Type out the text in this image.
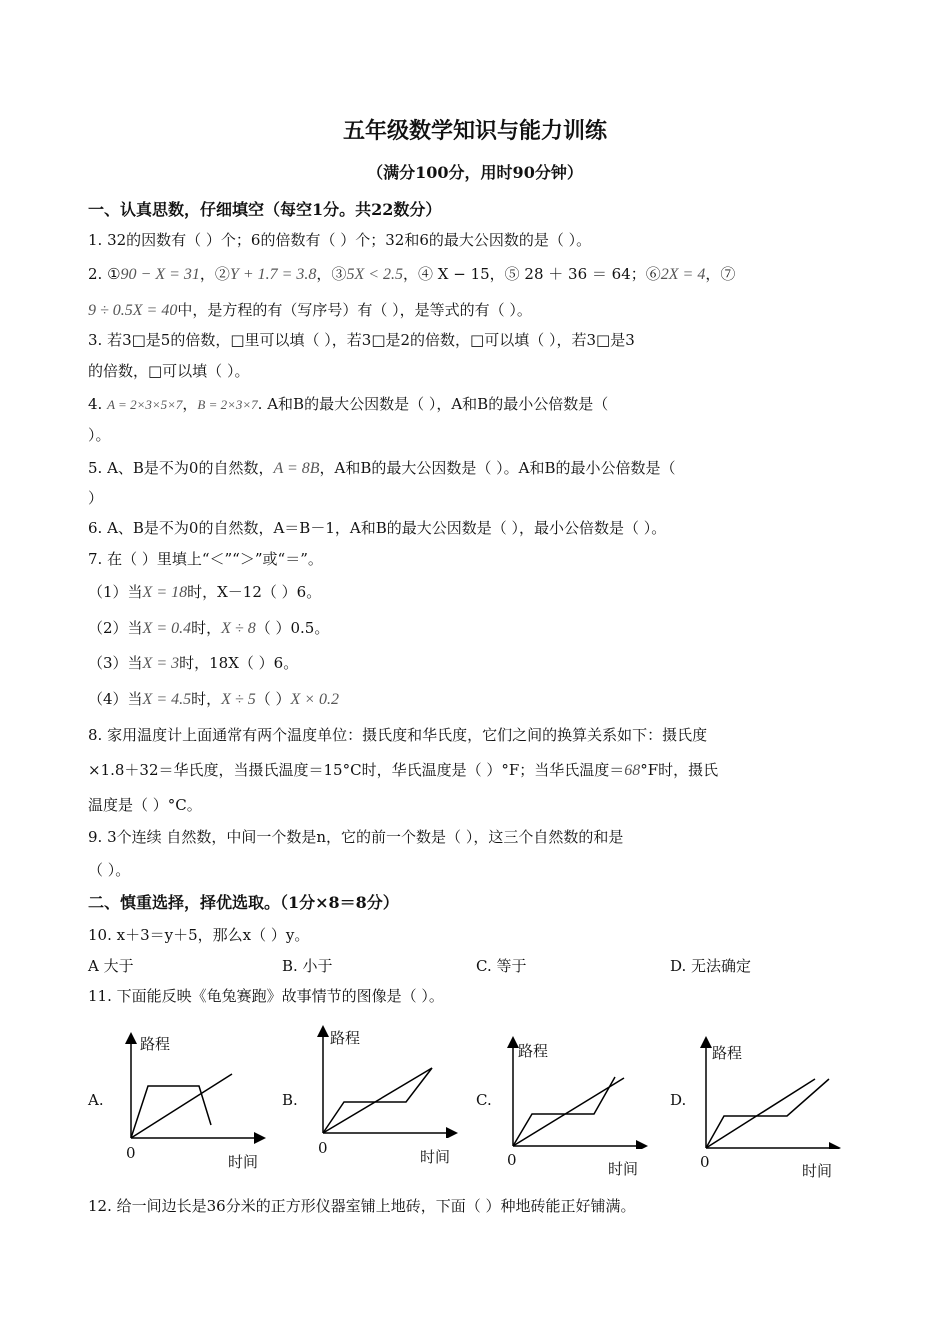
五年级数学知识与能力训练
（满分100分，用时90分钟）
一、认真思数，仔细填空（每空1分。共22数分）
1. 32的因数有（ ）个；6的倍数有（ ）个；32和6的最大公因数的是（ ）。
2. ①90 − X = 31，②Y + 1.7 = 3.8，③5X < 2.5，④ X − 15，⑤ 28 ＋ 36 ＝ 64；⑥2X = 4，⑦
9 ÷ 0.5X = 40中，是方程的有（写序号）有（ ），是等式的有（ ）。
3. 若3□是5的倍数，□里可以填（ ），若3□是2的倍数，□可以填（ ），若3□是3
的倍数，□可以填（ ）。
4. A = 2×3×5×7，B = 2×3×7. A和B的最大公因数是（ ），A和B的最小公倍数是（
）。
5. A、B是不为0的自然数，A = 8B，A和B的最大公因数是（ ）。A和B的最小公倍数是（
）
6. A、B是不为0的自然数，A＝B－1，A和B的最大公因数是（ ），最小公倍数是（ ）。
7. 在（ ）里填上“＜”“＞”或“＝”。
（1）当X = 18时，X－12（ ）6。
（2）当X = 0.4时，X ÷ 8（ ）0.5。
（3）当X = 3时，18X（ ）6。
（4）当X = 4.5时，X ÷ 5（ ）X × 0.2
8. 家用温度计上面通常有两个温度单位：摄氏度和华氏度，它们之间的换算关系如下：摄氏度
×1.8＋32＝华氏度，当摄氏温度＝15°C时，华氏温度是（ ）°F；当华氏温度＝68°F时，摄氏
温度是（ ）°C。
9. 3个连续 自然数，中间一个数是n，它的前一个数是（ ），这三个自然数的和是
（ ）。
二、慎重选择，择优选取。（1分×8＝8分）
10. x＋3＝y＋5，那么x（ ）y。
A 大于	B. 小于	C. 等于	D. 无法确定
11. 下面能反映《龟兔赛跑》故事情节的图像是（ ）。
A.	B.	C.	D.
路程
0	时间
路程
0	时间
路程
0	时间
路程
0	时间
12. 给一间边长是36分米的正方形仪器室铺上地砖，下面（ ）种地砖能正好铺满。
